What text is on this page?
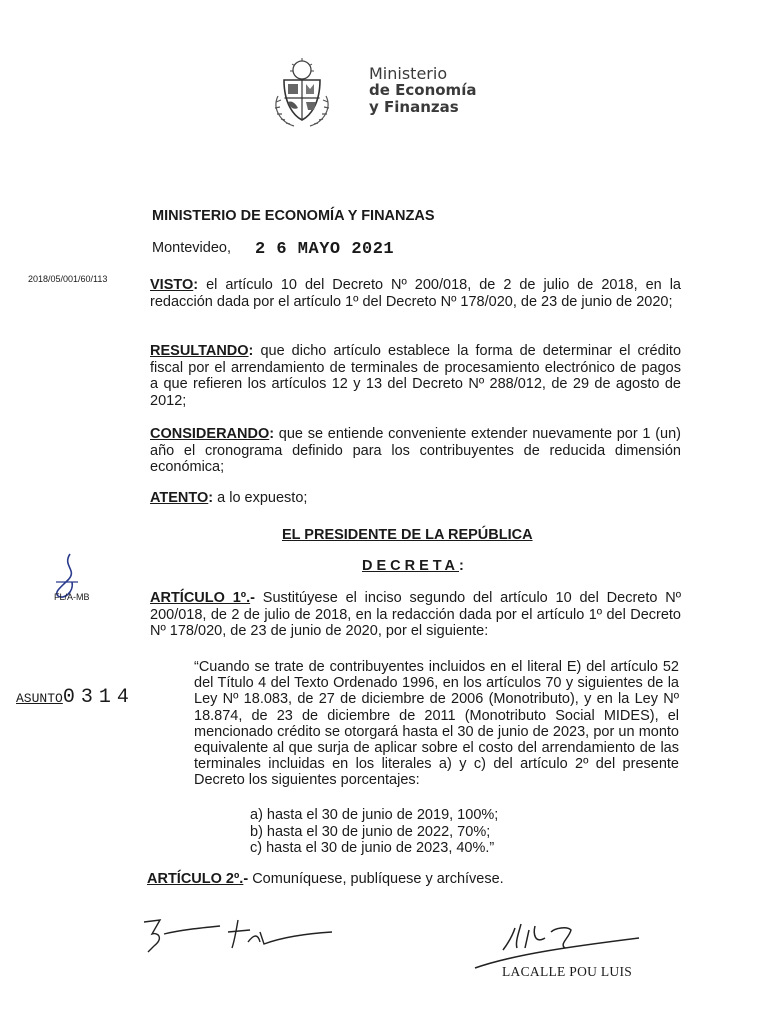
Ministerio
de Economía
y Finanzas
MINISTERIO DE ECONOMÍA Y FINANZAS
Montevideo, 2 6 MAYO 2021
2018/05/001/60/113	VISTO: el artículo 10 del Decreto Nº 200/018, de 2 de julio de 2018, en la redacción dada por el artículo 1º del Decreto Nº 178/020, de 23 de junio de 2020;
RESULTANDO: que dicho artículo establece la forma de determinar el crédito fiscal por el arrendamiento de terminales de procesamiento electrónico de pagos a que refieren los artículos 12 y 13 del Decreto Nº 288/012, de 29 de agosto de 2012;
CONSIDERANDO: que se entiende conveniente extender nuevamente por 1 (un) año el cronograma definido para los contribuyentes de reducida dimensión económica;
ATENTO: a lo expuesto;
EL PRESIDENTE DE LA REPÚBLICA
DECRETA:
FL/A-MB
ASUNTO0314
ARTÍCULO 1º.- Sustitúyese el inciso segundo del artículo 10 del Decreto Nº 200/018, de 2 de julio de 2018, en la redacción dada por el artículo 1º del Decreto Nº 178/020, de 23 de junio de 2020, por el siguiente:
“Cuando se trate de contribuyentes incluidos en el literal E) del artículo 52 del Título 4 del Texto Ordenado 1996, en los artículos 70 y siguientes de la Ley Nº 18.083, de 27 de diciembre de 2006 (Monotributo), y en la Ley Nº 18.874, de 23 de diciembre de 2011 (Monotributo Social MIDES), el mencionado crédito se otorgará hasta el 30 de junio de 2023, por un monto equivalente al que surja de aplicar sobre el costo del arrendamiento de las terminales incluidas en los literales a) y c) del artículo 2º del presente Decreto los siguientes porcentajes:
a) hasta el 30 de junio de 2019, 100%;
b) hasta el 30 de junio de 2022, 70%;
c) hasta el 30 de junio de 2023, 40%.”
ARTÍCULO 2º.- Comuníquese, publíquese y archívese.
LACALLE POU LUIS
